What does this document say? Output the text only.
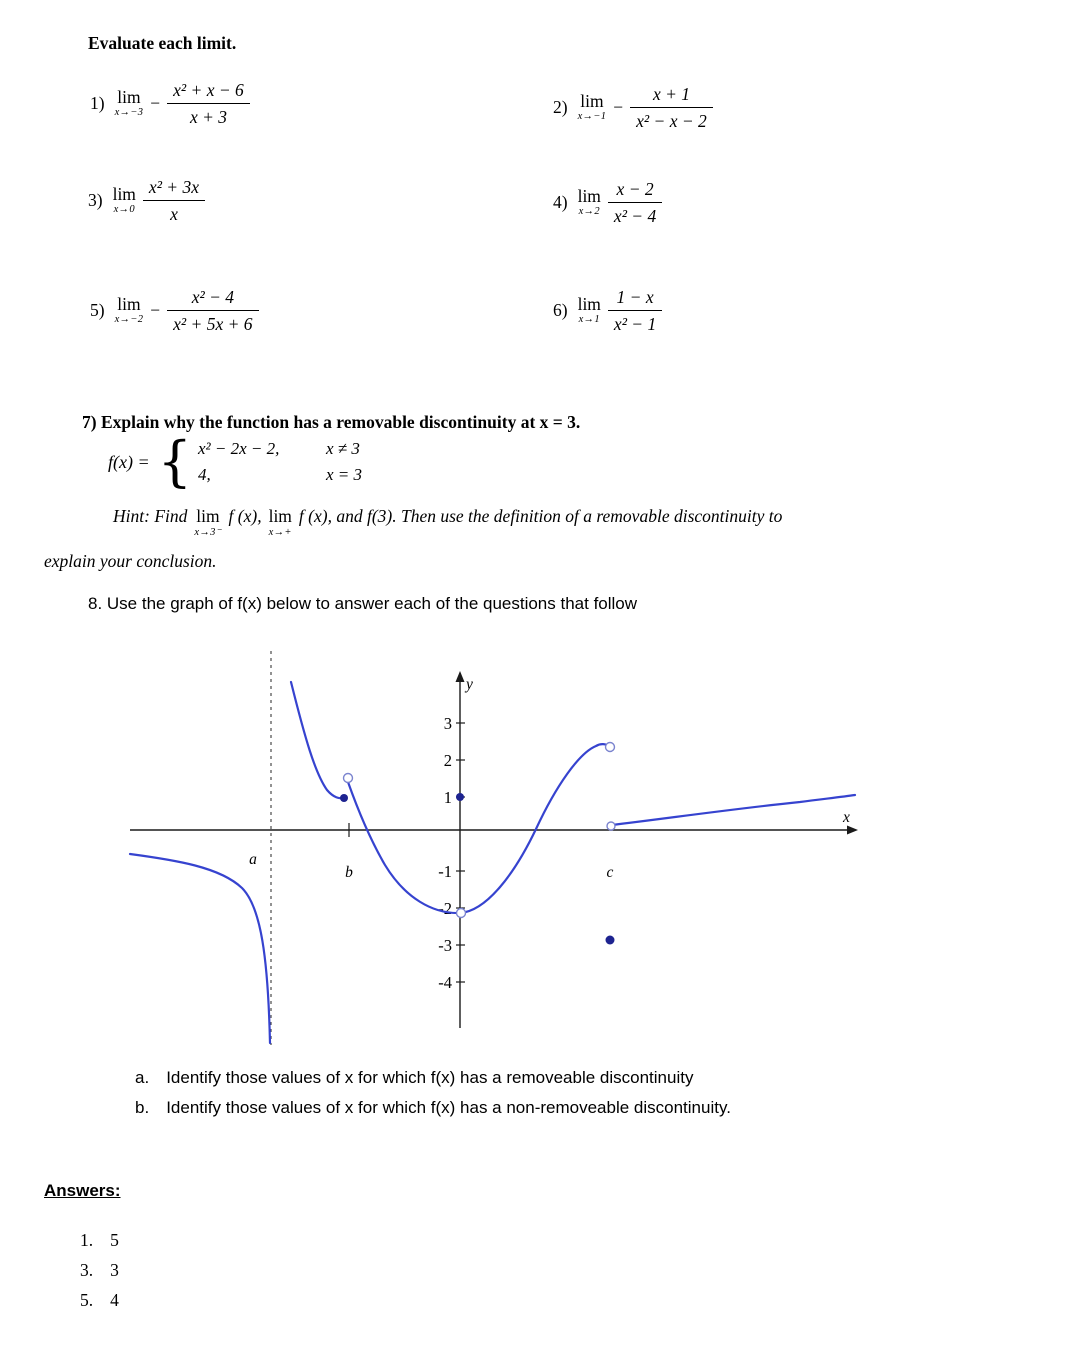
Evaluate each limit.
1) lim
$x\to-3 - \frac{\text{x² + x − 6}}{x + 3}$	2) lim
$x\to-1 - \frac{x + 1}{\text{x² − x − 2}}$
3) lim
$x\to 0 \frac{\text{x² + 3x}}{x}$	4) lim
$x\to 2 \frac{x - 2}{\text{x² − 4}}$
5) lim
$x\to-2 - \frac{\text{x² − 4}}{\text{x² + 5x + 6}}$	6) lim
$x\to 1 \frac{1 - x}{\text{x² − 1}}$
7) Explain why the function has a removable discontinuity at x = 3.
f(x) = { x² − 2x − 2,	x ≠ 3
4,	x = 3
Hint: Find lim
x→3⁻
f (x), lim
x→+
f (x), and f(3). Then use the definition of a removable discontinuity to
explain your conclusion.
8. Use the graph of f(x) below to answer each of the questions that follow
3
2
1
-1
-2
-3
-4
y
x
a
b	c
a. Identify those values of x for which f(x) has a removeable discontinuity
b. Identify those values of x for which f(x) has a non-removeable discontinuity.
Answers:
1. 5
3. 3
5. 4
